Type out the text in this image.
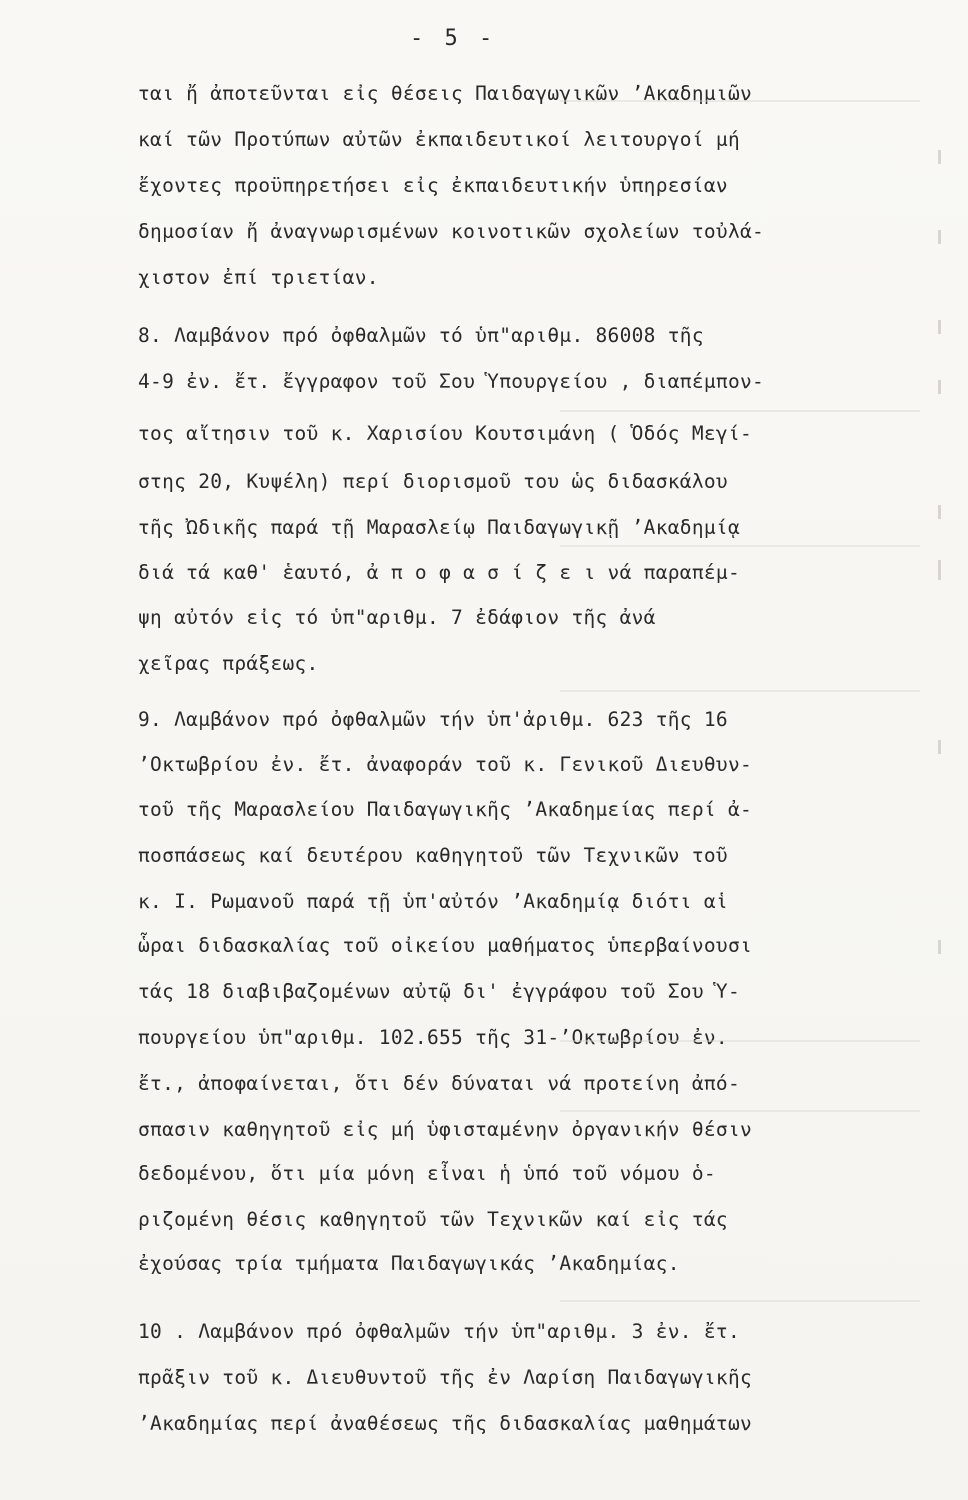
- 5 -
ται ἤ ἀποτεῦνται εἰς θέσεις Παιδαγωγικῶν ʼΑκαδημιῶν
καί τῶν Προτύπων αὐτῶν ἐκπαιδευτικοί λειτουργοί μή
ἔχοντες προϋπηρετήσει εἰς ἐκπαιδευτικήν ὑπηρεσίαν
δημοσίαν ἤ ἀναγνωρισμένων κοινοτικῶν σχολείων τοὐλά-
χιστον ἐπί τριετίαν.
8. Λαμβάνον πρό ὀφθαλμῶν τό ὑπ"αριθμ. 86008 τῆς
4-9 ἐν. ἔτ. ἔγγραφον τοῦ Σου Ὑπουργείου , διαπέμπον-
τος αἴτησιν τοῦ κ. Χαρισίου Κουτσιμάνη ( Ὁδός Μεγί-
στης 20, Κυψέλη) περί διορισμοῦ του ὡς διδασκάλου
τῆς Ὠδικῆς παρά τῇ Μαρασλείῳ Παιδαγωγικῇ ʼΑκαδημίᾳ
διά τά καθ' ἑαυτό, ἀ π ο φ α σ ί ζ ε ι νά παραπέμ-
ψη αὐτόν εἰς τό ὑπ"αριθμ. 7 ἐδάφιον τῆς ἀνά
χεῖρας πράξεως.
9. Λαμβάνον πρό ὀφθαλμῶν τήν ὑπ'ἀριθμ. 623 τῆς 16
ʼΟκτωβρίου ἐν. ἔτ. ἀναφοράν τοῦ κ. Γενικοῦ Διευθυν-
τοῦ τῆς Μαρασλείου Παιδαγωγικῆς ʼΑκαδημείας περί ἀ-
ποσπάσεως καί δευτέρου καθηγητοῦ τῶν Τεχνικῶν τοῦ
κ. Ι. Ρωμανοῦ παρά τῇ ὑπ'αὐτόν ʼΑκαδημίᾳ διότι αἱ
ὧραι διδασκαλίας τοῦ οἰκείου μαθήματος ὑπερβαίνουσι
τάς 18 διαβιβαζομένων αὐτῷ δι' ἐγγράφου τοῦ Σου Ὑ-
πουργείου ὑπ"αριθμ. 102.655 τῆς 31-ʼΟκτωβρίου ἐν.
ἔτ., ἀποφαίνεται, ὅτι δέν δύναται νά προτείνη ἀπό-
σπασιν καθηγητοῦ εἰς μή ὑφισταμένην ὀργανικήν θέσιν
δεδομένου, ὅτι μία μόνη εἶναι ἡ ὑπό τοῦ νόμου ὁ-
ριζομένη θέσις καθηγητοῦ τῶν Τεχνικῶν καί εἰς τάς
ἐχούσας τρία τμήματα Παιδαγωγικάς ʼΑκαδημίας.
10 . Λαμβάνον πρό ὀφθαλμῶν τήν ὑπ"αριθμ. 3 ἐν. ἔτ.
πρᾶξιν τοῦ κ. Διευθυντοῦ τῆς ἐν Λαρίση Παιδαγωγικῆς
ʼΑκαδημίας περί ἀναθέσεως τῆς διδασκαλίας μαθημάτων
